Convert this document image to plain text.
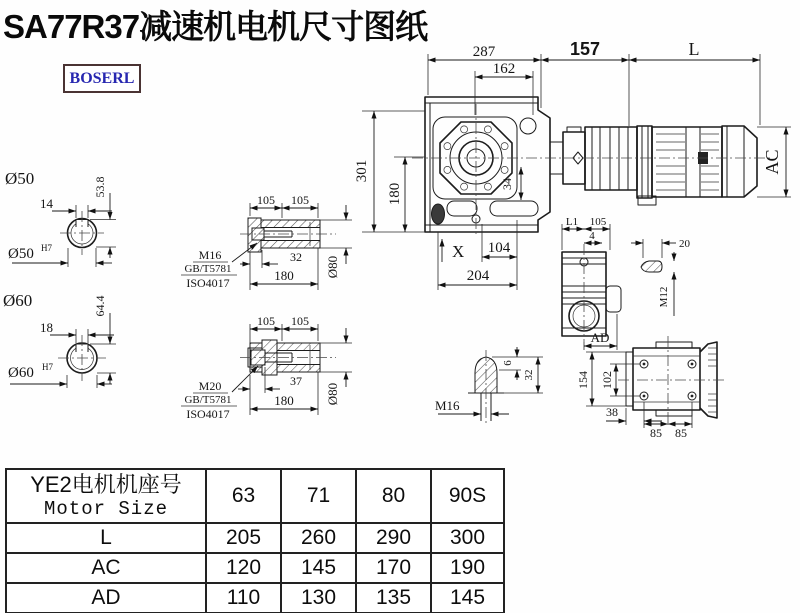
SA77R37减速机电机尺寸图纸
BOSERL
287	157	L
162
301
180
AC
34
X 104
204
L1 105
4
AD
20
M12
154 102
38
85 85
M16
6
32
Ø50
14
53.8
Ø50 H7
Ø60
18
64.4
Ø60 H7
105 105
32
180 Ø80
M16
GB/T5781
ISO4017
105 105
37
180 Ø80
M20
GB/T5781
ISO4017
YE2电机机座号
Motor Size	63	71	80	90S
L	205	260	290	300
AC	120	145	170	190
AD	110	130	135	145
